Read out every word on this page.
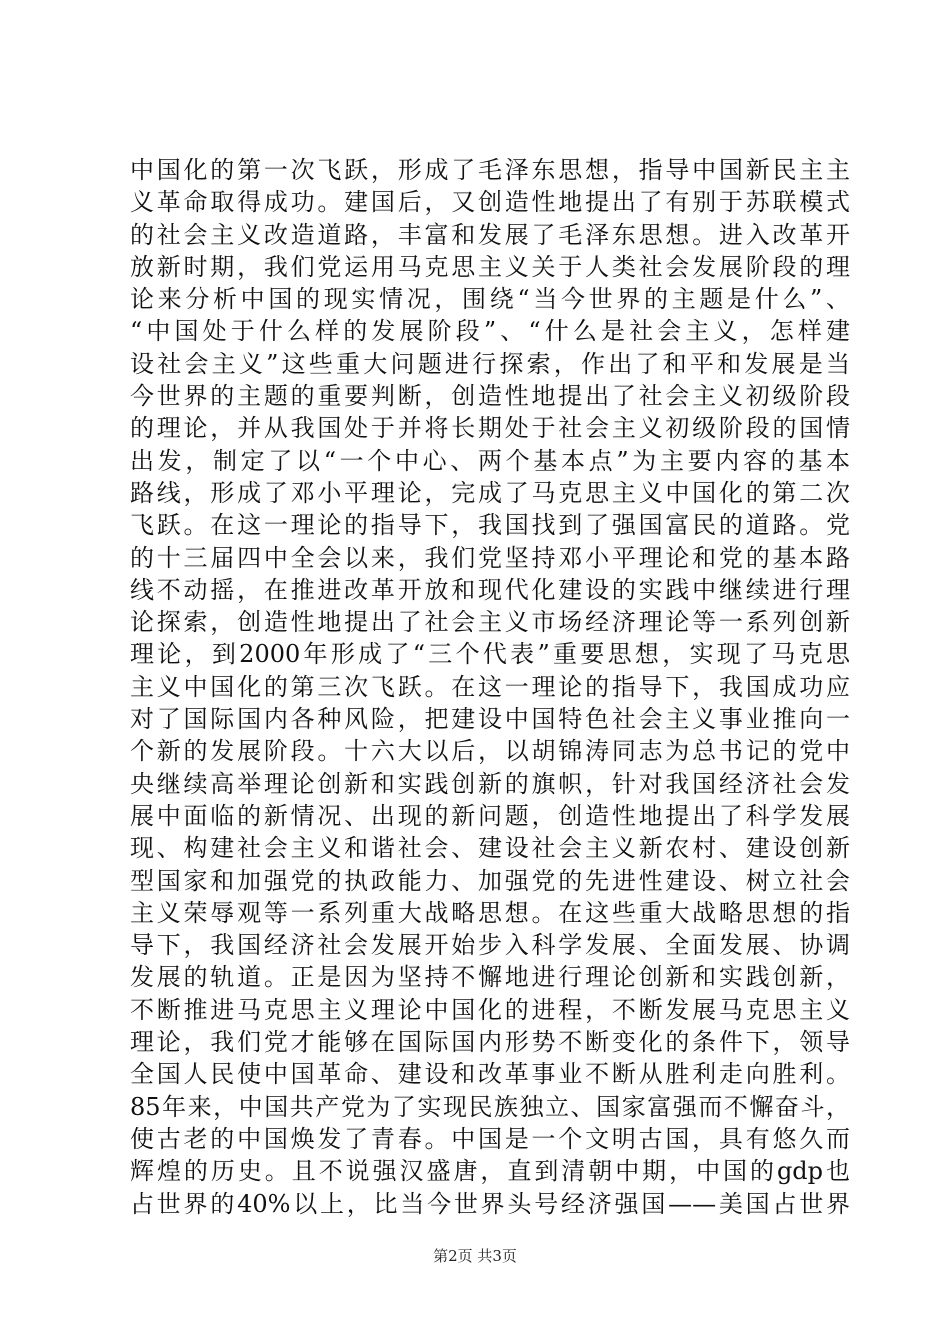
中国化的第一次飞跃，形成了毛泽东思想，指导中国新民主主
义革命取得成功。建国后，又创造性地提出了有别于苏联模式
的社会主义改造道路，丰富和发展了毛泽东思想。进入改革开
放新时期，我们党运用马克思主义关于人类社会发展阶段的理
论来分析中国的现实情况，围绕“当今世界的主题是什么”、
“中国处于什么样的发展阶段”、“什么是社会主义，怎样建
设社会主义”这些重大问题进行探索，作出了和平和发展是当
今世界的主题的重要判断，创造性地提出了社会主义初级阶段
的理论，并从我国处于并将长期处于社会主义初级阶段的国情
出发，制定了以“一个中心、两个基本点”为主要内容的基本
路线，形成了邓小平理论，完成了马克思主义中国化的第二次
飞跃。在这一理论的指导下，我国找到了强国富民的道路。党
的十三届四中全会以来，我们党坚持邓小平理论和党的基本路
线不动摇，在推进改革开放和现代化建设的实践中继续进行理
论探索，创造性地提出了社会主义市场经济理论等一系列创新
理论，到2000年形成了“三个代表”重要思想，实现了马克思
主义中国化的第三次飞跃。在这一理论的指导下，我国成功应
对了国际国内各种风险，把建设中国特色社会主义事业推向一
个新的发展阶段。十六大以后，以胡锦涛同志为总书记的党中
央继续高举理论创新和实践创新的旗帜，针对我国经济社会发
展中面临的新情况、出现的新问题，创造性地提出了科学发展
现、构建社会主义和谐社会、建设社会主义新农村、建设创新
型国家和加强党的执政能力、加强党的先进性建设、树立社会
主义荣辱观等一系列重大战略思想。在这些重大战略思想的指
导下，我国经济社会发展开始步入科学发展、全面发展、协调
发展的轨道。正是因为坚持不懈地进行理论创新和实践创新，
不断推进马克思主义理论中国化的进程，不断发展马克思主义
理论，我们党才能够在国际国内形势不断变化的条件下，领导
全国人民使中国革命、建设和改革事业不断从胜利走向胜利。
85年来，中国共产党为了实现民族独立、国家富强而不懈奋斗，
使古老的中国焕发了青春。中国是一个文明古国，具有悠久而
辉煌的历史。且不说强汉盛唐，直到清朝中期，中国的gdp也
占世界的40%以上，比当今世界头号经济强国——美国占世界
第2页 共3页
